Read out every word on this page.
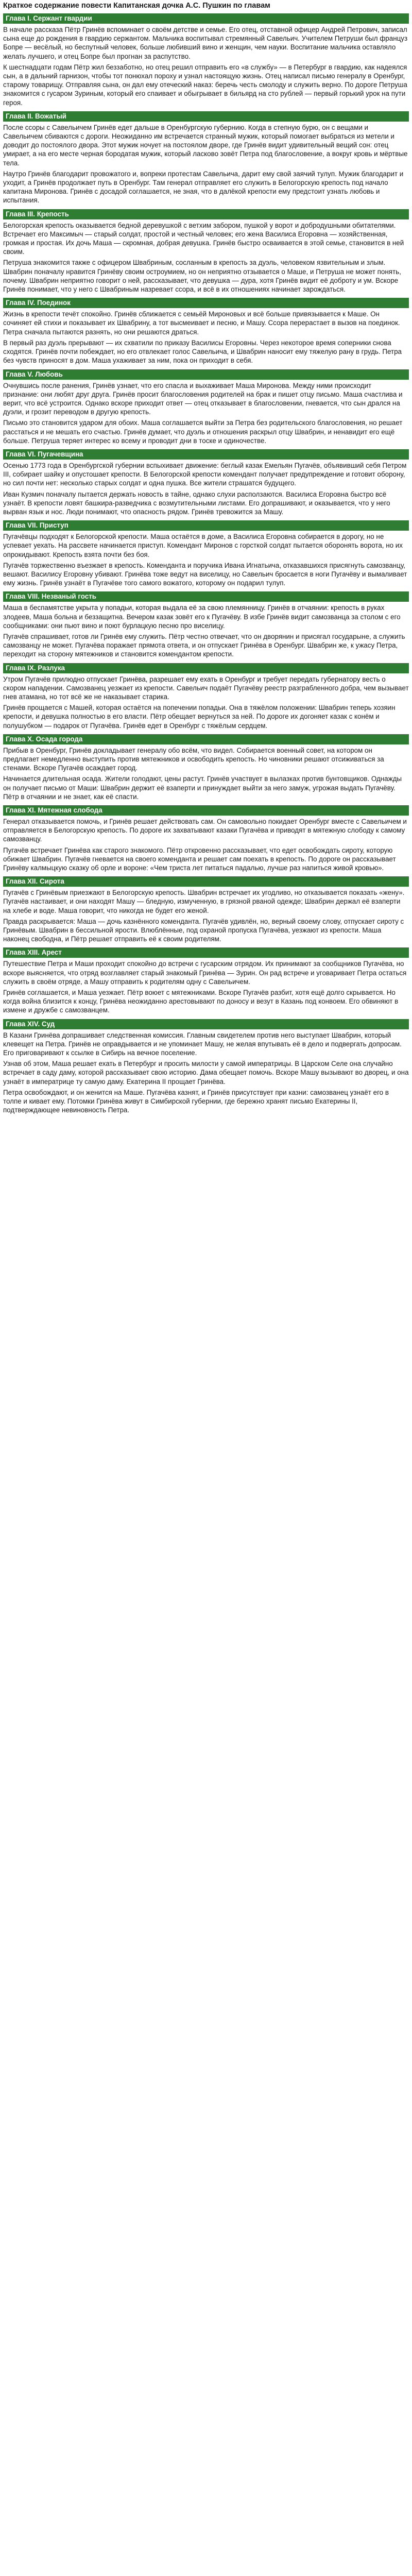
Краткое содержание повести Капитанская дочка А.С. Пушкин по главам
Глава I. Сержант гвардии

В начале рассказа Пётр Гринёв вспоминает о своём детстве и семье. Его отец, отставной офицер Андрей Петрович, записал сына еще до рождения в гвардию сержантом. Мальчика воспитывал стремянный Савельич. Учителем Петруши был француз Бопре — весёлый, но беспутный человек, больше любивший вино и женщин, чем науки. Воспитание мальчика оставляло желать лучшего, и отец Бопре был прогнан за распутство.

К шестнадцати годам Пётр жил беззаботно, но отец решил отправить его «в службу» — в Петербург в гвардию, как надеялся сын, а в дальний гарнизон, чтобы тот понюхал пороху и узнал настоящую жизнь. Отец написал письмо генералу в Оренбург, старому товарищу. Отправляя сына, он дал ему отеческий наказ: беречь честь смолоду и служить верно. По дороге Петруша знакомится с гусаром Зуриным, который его спаивает и обыгрывает в бильярд на сто рублей — первый горький урок на пути героя.

Глава II. Вожатый

После ссоры с Савельичем Гринёв едет дальше в Оренбургскую губернию. Когда в степную бурю, он с вещами и Савельичем сбиваются с дороги. Неожиданно им встречается странный мужик, который помогает выбраться из метели и доводит до постоялого двора. Этот мужик ночует на постоялом дворе, где Гринёв видит удивительный вещий сон: отец умирает, а на его месте черная бородатая мужик, который ласково зовёт Петра под благословение, а вокруг кровь и мёртвые тела.

Наутро Гринёв благодарит провожатого и, вопреки протестам Савельича, дарит ему свой заячий тулуп. Мужик благодарит и уходит, а Гринёв продолжает путь в Оренбург. Там генерал отправляет его служить в Белогорскую крепость под начало капитана Миронова. Гринёв с досадой соглашается, не зная, что в далёкой крепости ему предстоит узнать любовь и испытания.

Глава III. Крепость

Белогорская крепость оказывается бедной деревушкой с ветхим забором, пушкой у ворот и добродушными обитателями. Встречает его Максимыч — старый солдат, простой и честный человек; его жена Василиса Егоровна — хозяйственная, громкая и простая. Их дочь Маша — скромная, добрая девушка. Гринёв быстро осваивается в этой семье, становится в ней своим.

Петруша знакомится также с офицером Швабриным, сосланным в крепость за дуэль, человеком язвительным и злым. Швабрин поначалу нравится Гринёву своим остроумием, но он неприятно отзывается о Маше, и Петруша не может понять, почему. Швабрин неприятно говорит о ней, рассказывает, что девушка — дура, хотя Гринёв видит её доброту и ум. Вскоре Гринёв понимает, что у него с Швабриным назревает ссора, и всё в их отношениях начинает зарождаться.

Глава IV. Поединок

Жизнь в крепости течёт спокойно. Гринёв сближается с семьёй Мироновых и всё больше привязывается к Маше. Он сочиняет ей стихи и показывает их Швабрину, а тот высмеивает и песню, и Машу. Ссора перерастает в вызов на поединок. Петра сначала пытаются разнять, но они решаются драться.

В первый раз дуэль прерывают — их схватили по приказу Василисы Егоровны. Через некоторое время соперники снова сходятся. Гринёв почти побеждает, но его отвлекает голос Савельича, и Швабрин наносит ему тяжелую рану в грудь. Петра без чувств приносят в дом. Маша ухаживает за ним, пока он приходит в себя.

Глава V. Любовь

Очнувшись после ранения, Гринёв узнает, что его спасла и выхаживает Маша Миронова. Между ними происходит признание: они любят друг друга. Гринёв просит благословения родителей на брак и пишет отцу письмо. Маша счастлива и верит, что всё устроится. Однако вскоре приходит ответ — отец отказывает в благословении, гневается, что сын дрался на дуэли, и грозит переводом в другую крепость.

Письмо это становится ударом для обоих. Маша соглашается выйти за Петра без родительского благословения, но решает расстаться и не мешать его счастью. Гринёв думает, что дуэль и отношения раскрыл отцу Швабрин, и ненавидит его ещё больше. Петруша теряет интерес ко всему и проводит дни в тоске и одиночестве.

Глава VI. Пугачевщина

Осенью 1773 года в Оренбургской губернии вспыхивает движение: беглый казак Емельян Пугачёв, объявивший себя Петром III, собирает шайку и опустошает крепости. В Белогорской крепости комендант получает предупреждение и готовит оборону, но сил почти нет: несколько старых солдат и одна пушка. Все жители страшатся будущего.

Иван Кузмич поначалу пытается держать новость в тайне, однако слухи расползаются. Василиса Егоровна быстро всё узнаёт. В крепости ловят башкира-разведчика с возмутительными листами. Его допрашивают, и оказывается, что у него вырван язык и нос. Люди понимают, что опасность рядом. Гринёв тревожится за Машу.

Глава VII. Приступ

Пугачёвцы подходят к Белогорской крепости. Маша остаётся в доме, а Василиса Егоровна собирается в дорогу, но не успевает уехать. На рассвете начинается приступ. Комендант Миронов с горсткой солдат пытается оборонять ворота, но их опрокидывают. Крепость взята почти без боя.

Пугачёв торжественно въезжает в крепость. Коменданта и поручика Ивана Игнатьича, отказавшихся присягнуть самозванцу, вешают. Василису Егоровну убивают. Гринёва тоже ведут на виселицу, но Савельич бросается в ноги Пугачёву и вымаливает ему жизнь. Гринёв узнаёт в Пугачёве того самого вожатого, которому он подарил тулуп.

Глава VIII. Незваный гость

Маша в беспамятстве укрыта у попадьи, которая выдала её за свою племянницу. Гринёв в отчаянии: крепость в руках злодеев, Маша больна и беззащитна. Вечером казак зовёт его к Пугачёву. В избе Гринёв видит самозванца за столом с его сообщниками: они пьют вино и поют бурлацкую песню про виселицу.

Пугачёв спрашивает, готов ли Гринёв ему служить. Пётр честно отвечает, что он дворянин и присягал государыне, а служить самозванцу не может. Пугачёва поражает прямота ответа, и он отпускает Гринёва в Оренбург. Швабрин же, к ужасу Петра, переходит на сторону мятежников и становится комендантом крепости.

Глава IX. Разлука

Утром Пугачёв прилюдно отпускает Гринёва, разрешает ему ехать в Оренбург и требует передать губернатору весть о скором нападении. Самозванец уезжает из крепости. Савельич подаёт Пугачёву реестр разграбленного добра, чем вызывает гнев атамана, но тот всё же не наказывает старика.

Гринёв прощается с Машей, которая остаётся на попечении попадьи. Она в тяжёлом положении: Швабрин теперь хозяин крепости, и девушка полностью в его власти. Пётр обещает вернуться за ней. По дороге их догоняет казак с конём и полушубком — подарок от Пугачёва. Гринёв едет в Оренбург с тяжёлым сердцем.

Глава X. Осада города

Прибыв в Оренбург, Гринёв докладывает генералу обо всём, что видел. Собирается военный совет, на котором он предлагает немедленно выступить против мятежников и освободить крепость. Но чиновники решают отсиживаться за стенами. Вскоре Пугачёв осаждает город.

Начинается длительная осада. Жители голодают, цены растут. Гринёв участвует в вылазках против бунтовщиков. Однажды он получает письмо от Маши: Швабрин держит её взаперти и принуждает выйти за него замуж, угрожая выдать Пугачёву. Пётр в отчаянии и не знает, как её спасти.

Глава XI. Мятежная слобода

Генерал отказывается помочь, и Гринёв решает действовать сам. Он самовольно покидает Оренбург вместе с Савельичем и отправляется в Белогорскую крепость. По дороге их захватывают казаки Пугачёва и приводят в мятежную слободу к самому самозванцу.

Пугачёв встречает Гринёва как старого знакомого. Пётр откровенно рассказывает, что едет освобождать сироту, которую обижает Швабрин. Пугачёв гневается на своего коменданта и решает сам поехать в крепость. По дороге он рассказывает Гринёву калмыцкую сказку об орле и вороне: «Чем триста лет питаться падалью, лучше раз напиться живой кровью».

Глава XII. Сирота

Пугачёв с Гринёвым приезжают в Белогорскую крепость. Швабрин встречает их угодливо, но отказывается показать «жену». Пугачёв настаивает, и они находят Машу — бледную, измученную, в грязной рваной одежде; Швабрин держал её взаперти на хлебе и воде. Маша говорит, что никогда не будет его женой.

Правда раскрывается: Маша — дочь казнённого коменданта. Пугачёв удивлён, но, верный своему слову, отпускает сироту с Гринёвым. Швабрин в бессильной ярости. Влюблённые, под охраной пропуска Пугачёва, уезжают из крепости. Маша наконец свободна, и Пётр решает отправить её к своим родителям.

Глава XIII. Арест

Путешествие Петра и Маши проходит спокойно до встречи с гусарским отрядом. Их принимают за сообщников Пугачёва, но вскоре выясняется, что отряд возглавляет старый знакомый Гринёва — Зурин. Он рад встрече и уговаривает Петра остаться служить в своём отряде, а Машу отправить к родителям одну с Савельичем.

Гринёв соглашается, и Маша уезжает. Пётр воюет с мятежниками. Вскоре Пугачёв разбит, хотя ещё долго скрывается. Но когда война близится к концу, Гринёва неожиданно арестовывают по доносу и везут в Казань под конвоем. Его обвиняют в измене и дружбе с самозванцем.

Глава XIV. Суд

В Казани Гринёва допрашивает следственная комиссия. Главным свидетелем против него выступает Швабрин, который клевещет на Петра. Гринёв не оправдывается и не упоминает Машу, не желая впутывать её в дело и подвергать допросам. Его приговаривают к ссылке в Сибирь на вечное поселение.

Узнав об этом, Маша решает ехать в Петербург и просить милости у самой императрицы. В Царском Селе она случайно встречает в саду даму, которой рассказывает свою историю. Дама обещает помочь. Вскоре Машу вызывают во дворец, и она узнаёт в императрице ту самую даму. Екатерина II прощает Гринёва.

Петра освобождают, и он женится на Маше. Пугачёва казнят, и Гринёв присутствует при казни: самозванец узнаёт его в толпе и кивает ему. Потомки Гринёва живут в Симбирской губернии, где бережно хранят письмо Екатерины II, подтверждающее невиновность Петра.
